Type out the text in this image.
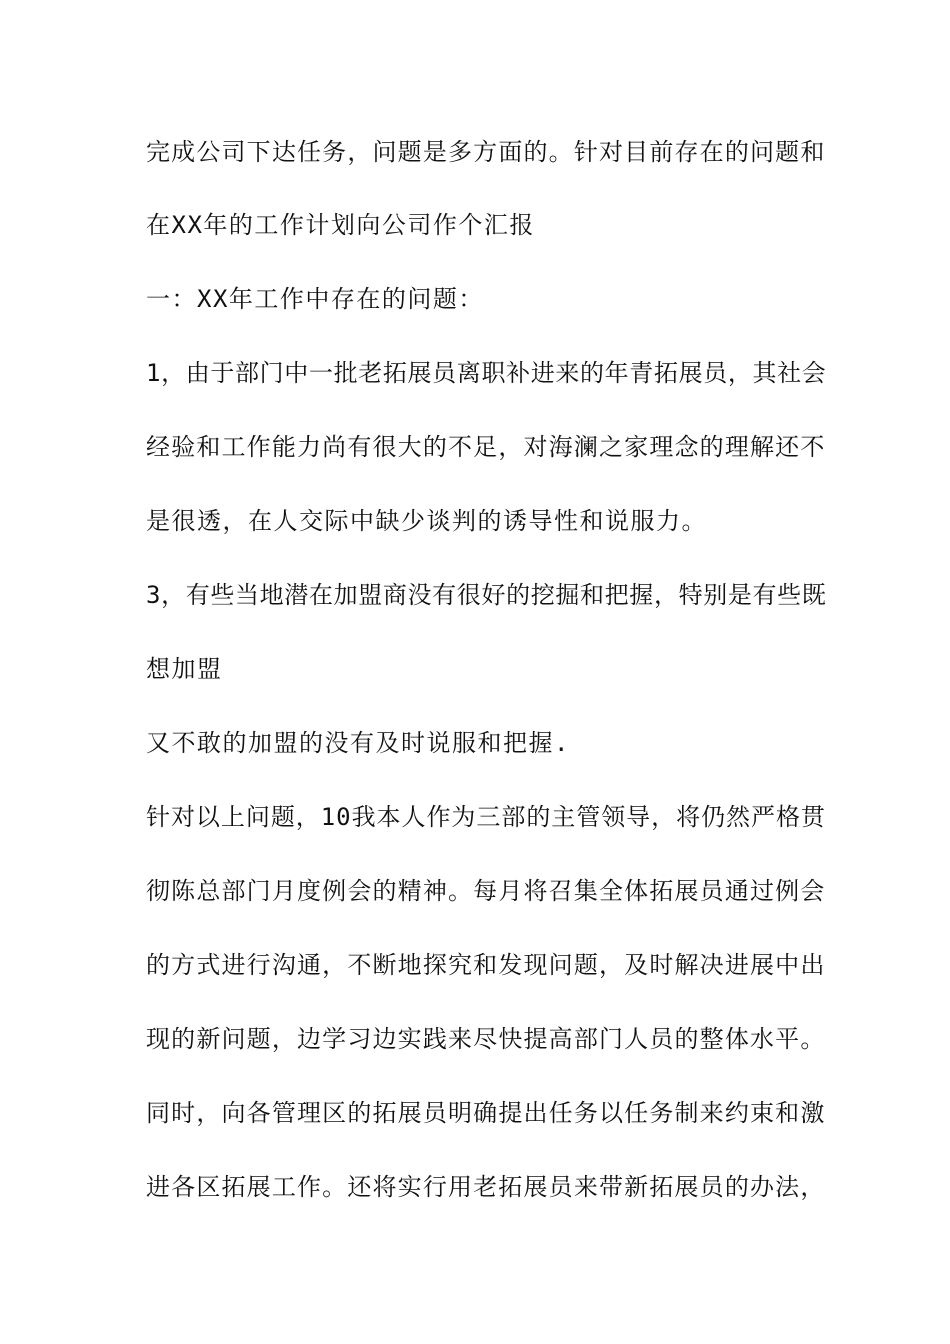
完成公司下达任务，问题是多方面的。针对目前存在的问题和
在XX年的工作计划向公司作个汇报
一：XX年工作中存在的问题：
1，由于部门中一批老拓展员离职补进来的年青拓展员，其社会
经验和工作能力尚有很大的不足，对海澜之家理念的理解还不
是很透，在人交际中缺少谈判的诱导性和说服力。
3，有些当地潜在加盟商没有很好的挖掘和把握，特别是有些既
想加盟
又不敢的加盟的没有及时说服和把握.
针对以上问题，10我本人作为三部的主管领导，将仍然严格贯
彻陈总部门月度例会的精神。每月将召集全体拓展员通过例会
的方式进行沟通，不断地探究和发现问题，及时解决进展中出
现的新问题，边学习边实践来尽快提高部门人员的整体水平。
同时，向各管理区的拓展员明确提出任务以任务制来约束和激
进各区拓展工作。还将实行用老拓展员来带新拓展员的办法，
